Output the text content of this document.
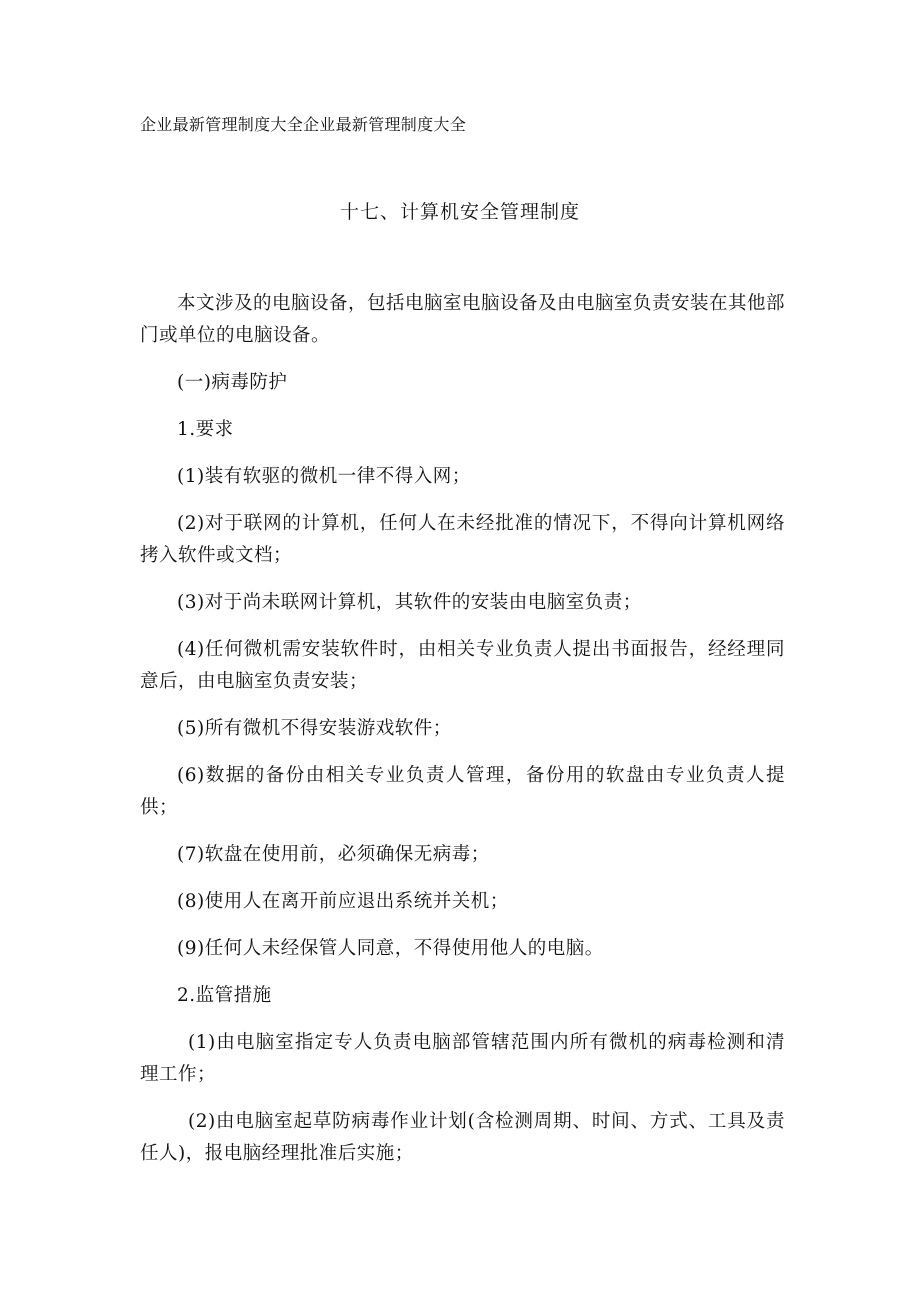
企业最新管理制度大全企业最新管理制度大全
十七、计算机安全管理制度

本文涉及的电脑设备，包括电脑室电脑设备及由电脑室负责安装在其他部门或单位的电脑设备。

(一)病毒防护

1.要求

(1)装有软驱的微机一律不得入网；

(2)对于联网的计算机，任何人在未经批准的情况下，不得向计算机网络拷入软件或文档；

(3)对于尚未联网计算机，其软件的安装由电脑室负责；

(4)任何微机需安装软件时，由相关专业负责人提出书面报告，经经理同意后，由电脑室负责安装；

(5)所有微机不得安装游戏软件；

(6)数据的备份由相关专业负责人管理，备份用的软盘由专业负责人提供；

(7)软盘在使用前，必须确保无病毒；

(8)使用人在离开前应退出系统并关机；

(9)任何人未经保管人同意，不得使用他人的电脑。

2.监管措施

(1)由电脑室指定专人负责电脑部管辖范围内所有微机的病毒检测和清理工作；

(2)由电脑室起草防病毒作业计划(含检测周期、时间、方式、工具及责任人)，报电脑经理批准后实施；
